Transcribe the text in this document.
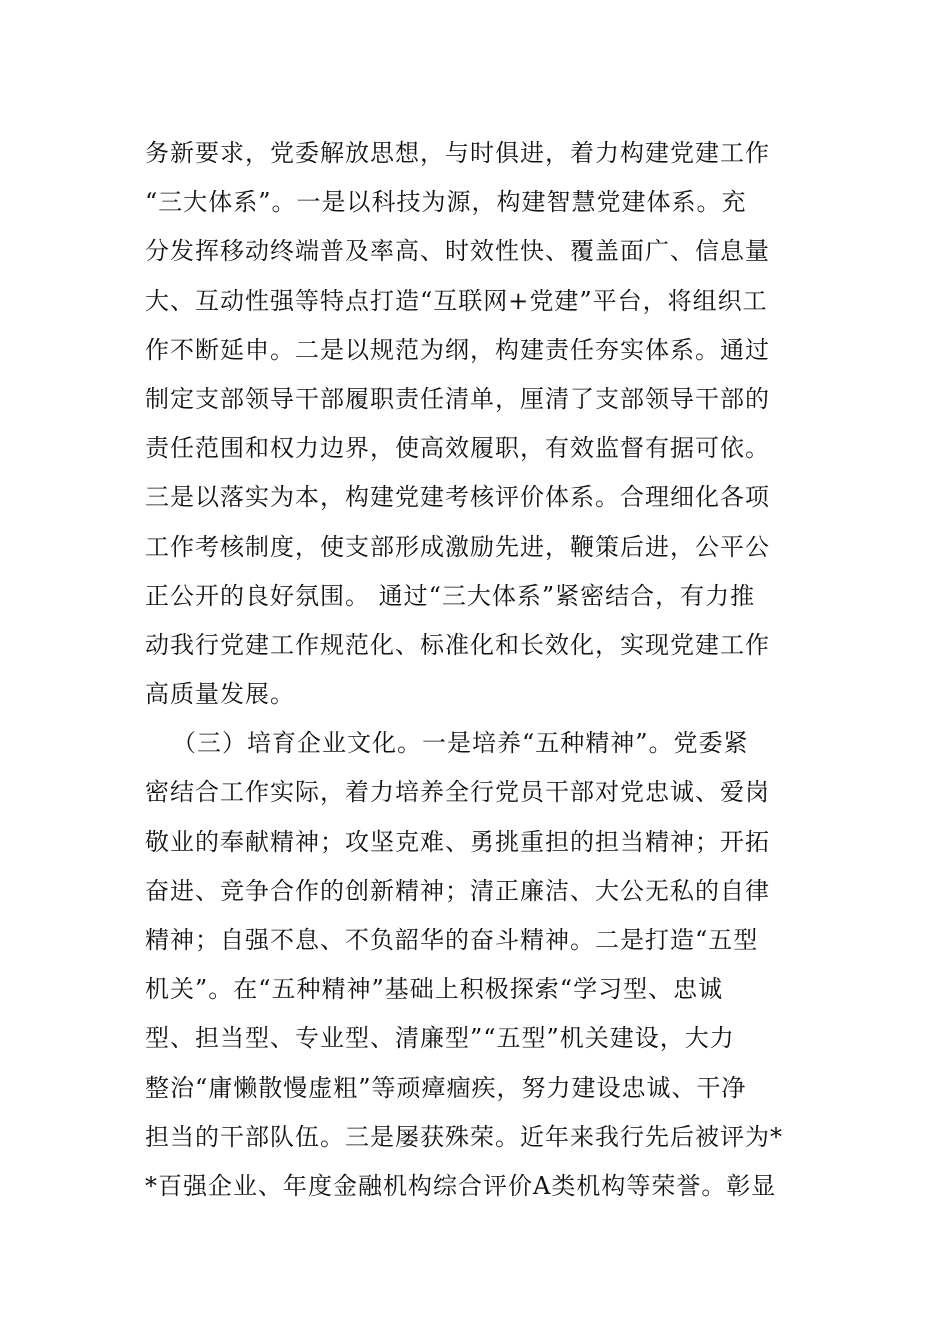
务新要求，党委解放思想，与时俱进，着力构建党建工作
“三大体系”。一是以科技为源，构建智慧党建体系。充
分发挥移动终端普及率高、时效性快、覆盖面广、信息量
大、互动性强等特点打造“互联网+党建”平台，将组织工
作不断延申。二是以规范为纲，构建责任夯实体系。通过
制定支部领导干部履职责任清单，厘清了支部领导干部的
责任范围和权力边界，使高效履职，有效监督有据可依。
三是以落实为本，构建党建考核评价体系。合理细化各项
工作考核制度，使支部形成激励先进，鞭策后进，公平公
正公开的良好氛围。 通过“三大体系”紧密结合，有力推
动我行党建工作规范化、标准化和长效化，实现党建工作
高质量发展。
（三）培育企业文化。一是培养“五种精神”。党委紧
密结合工作实际，着力培养全行党员干部对党忠诚、爱岗
敬业的奉献精神；攻坚克难、勇挑重担的担当精神；开拓
奋进、竞争合作的创新精神；清正廉洁、大公无私的自律
精神；自强不息、不负韶华的奋斗精神。二是打造“五型
机关”。在“五种精神”基础上积极探索“学习型、忠诚
型、担当型、专业型、清廉型”“五型”机关建设，大力
整治“庸懒散慢虚粗”等顽瘴痼疾，努力建设忠诚、干净
担当的干部队伍。三是屡获殊荣。近年来我行先后被评为*
*百强企业、年度金融机构综合评价A类机构等荣誉。彰显
